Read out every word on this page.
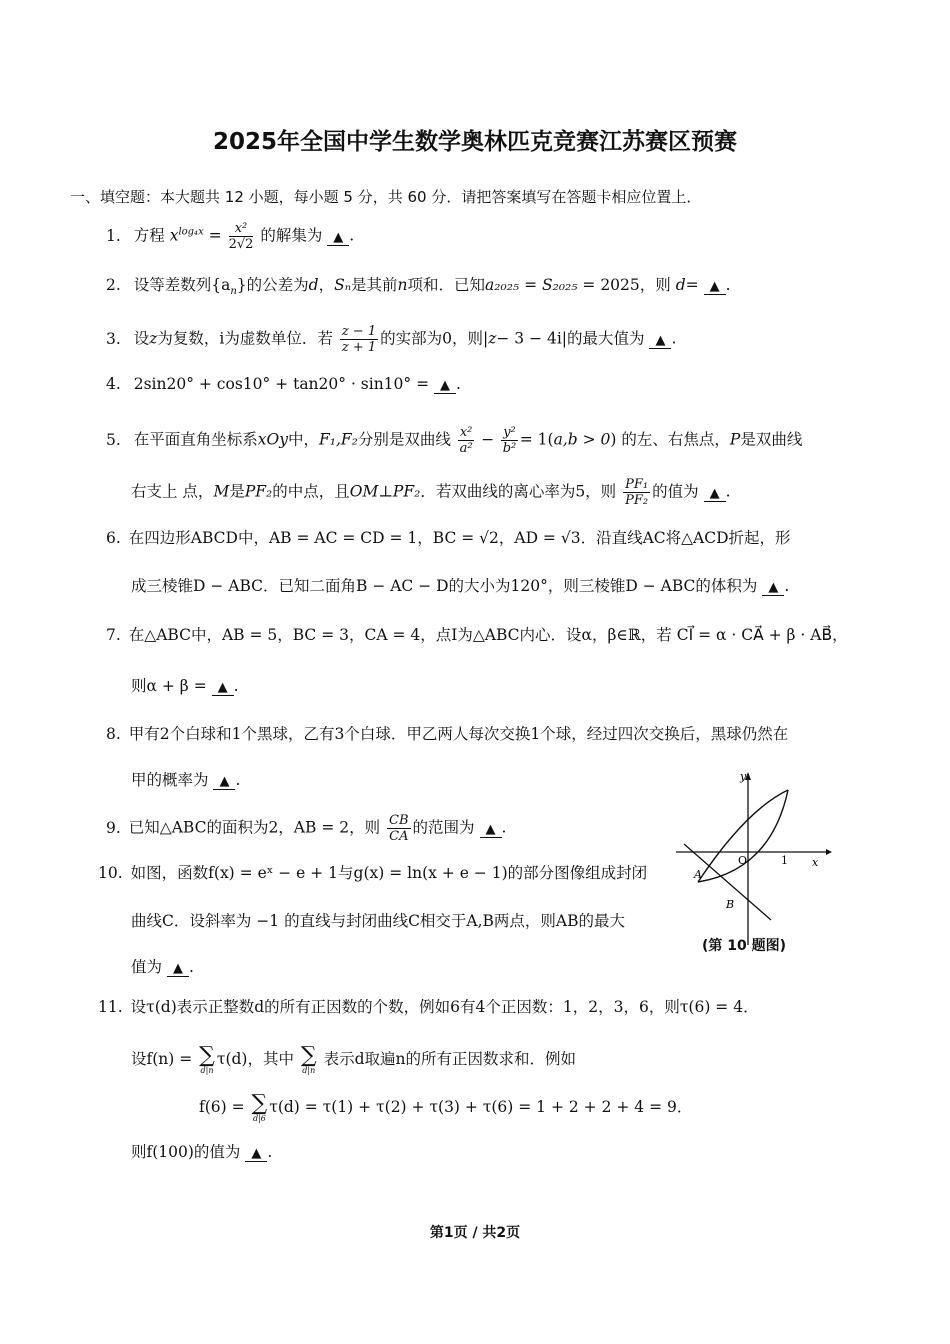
2025年全国中学生数学奥林匹克竞赛江苏赛区预赛
一、填空题：本大题共 12 小题，每小题 5 分，共 60 分．请把答案填写在答题卡相应位置上．
1. 方程 $x^{log_4x} = \frac{\text{x²}}{2√2}$ 的解集为 ▲ .
2. 设等差数列$\{a_n\}$的公差为d，Sₙ是其前n项和．已知a₂₀₂₅ = S₂₀₂₅ = 2025，则 d= ▲ .
3. 设z为复数，i为虚数单位．若 $\frac{z - 1}{z + 1}$ 的实部为0，则|z− 3 − 4i|的最大值为 ▲ .
4. 2sin20° + cos10° + tan20° · sin10° = ▲ .
5. 在平面直角坐标系xOy中，F₁,F₂分别是双曲线 $\frac{\text{x²}}{\text{a²}} - \frac{\text{y²}}{\text{b²}} = 1(a,b > 0)$ 的左、右焦点，P是双曲线
右支上 点，M是PF₂的中点，且OM⊥PF₂．若双曲线的离心率为5，则 $\frac{\text{PF₁}}{\text{PF₂}}$ 的值为 ▲ .
6. 在四边形ABCD中，AB = AC = CD = 1，BC = √2，AD = √3．沿直线AC将△ACD折起，形
成三棱锥D − ABC．已知二面角B − AC − D的大小为120°，则三棱锥D − ABC的体积为 ▲ .
7. 在△ABC中，AB = 5，BC = 3，CA = 4，点I为△ABC内心．设α，β∈ℝ，若 CI⃗ = α · CA⃗ + β · AB⃗，
则α + β = ▲ .
8. 甲有2个白球和1个黑球，乙有3个白球．甲乙两人每次交换1个球，经过四次交换后，黑球仍然在
甲的概率为 ▲ .
9. 已知△ABC的面积为2，AB = 2，则 $\frac{CB}{CA}$ 的范围为 ▲ .
10. 如图，函数f(x) = eˣ − e + 1与g(x) = ln(x + e − 1)的部分图像组成封闭
曲线C．设斜率为 −1 的直线与封闭曲线C相交于A,B两点，则AB的最大
值为 ▲ .
y
x
O	1
A
B
(第 10 题图)
11. 设τ(d)表示正整数d的所有正因数的个数，例如6有4个正因数：1，2，3，6，则τ(6) = 4．
设f(n) = ∑
d|n
τ(d)，其中 ∑
d|n
表示d取遍n的所有正因数求和．例如
f(6) = ∑
d|6
τ(d) = τ(1) + τ(2) + τ(3) + τ(6) = 1 + 2 + 2 + 4 = 9．
则f(100)的值为 ▲ .
第1页 / 共2页
